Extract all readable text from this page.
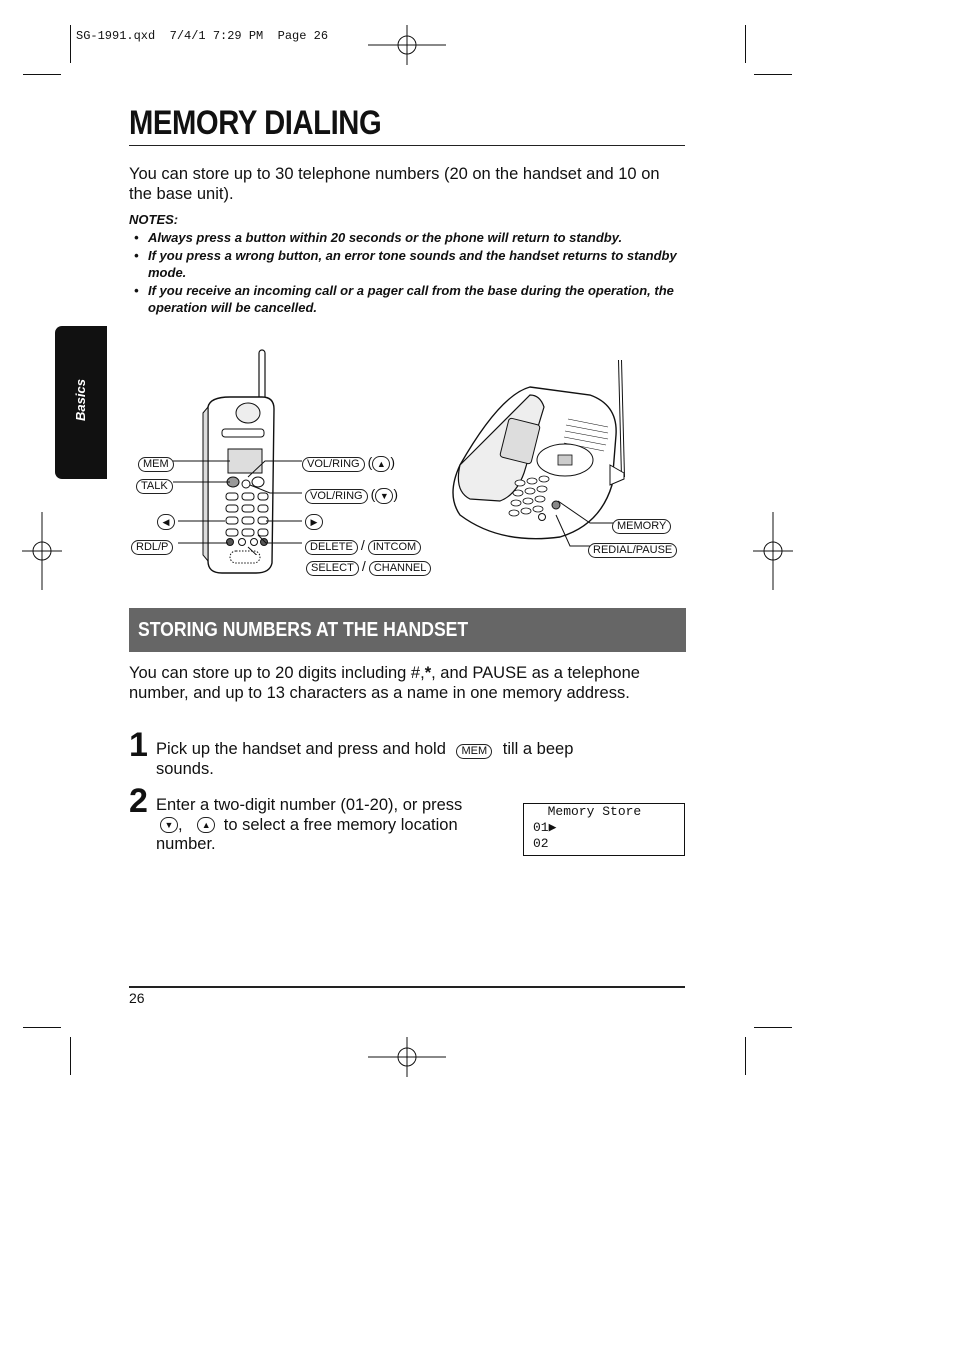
SG-1991.qxd  7/4/1 7:29 PM  Page 26
MEMORY DIALING
You can store up to 30 telephone numbers (20 on the handset and 10 on the base unit).
NOTES:
• Always press a button within 20 seconds or the phone will return to standby.
• If you press a wrong button, an error tone sounds and the handset returns to standby mode.
• If you receive an incoming call or a pager call from the base during the operation, the operation will be cancelled.
Basics
MEM
TALK
◀
RDL/P
VOL/RING ( ▲ )
VOL/RING ( ▼ )
▶
DELETE / INTCOM
SELECT / CHANNEL
MEMORY
REDIAL/PAUSE
STORING NUMBERS AT THE HANDSET
You can store up to 20 digits including #,*, and PAUSE as a telephone number, and up to 13 characters as a name in one memory address.
1 Pick up the handset and press and hold MEM till a beep sounds.
2 Enter a two-digit number (01-20), or press
▼ , ▲ to select a free memory location number.
Memory Store
01▶
02
26
